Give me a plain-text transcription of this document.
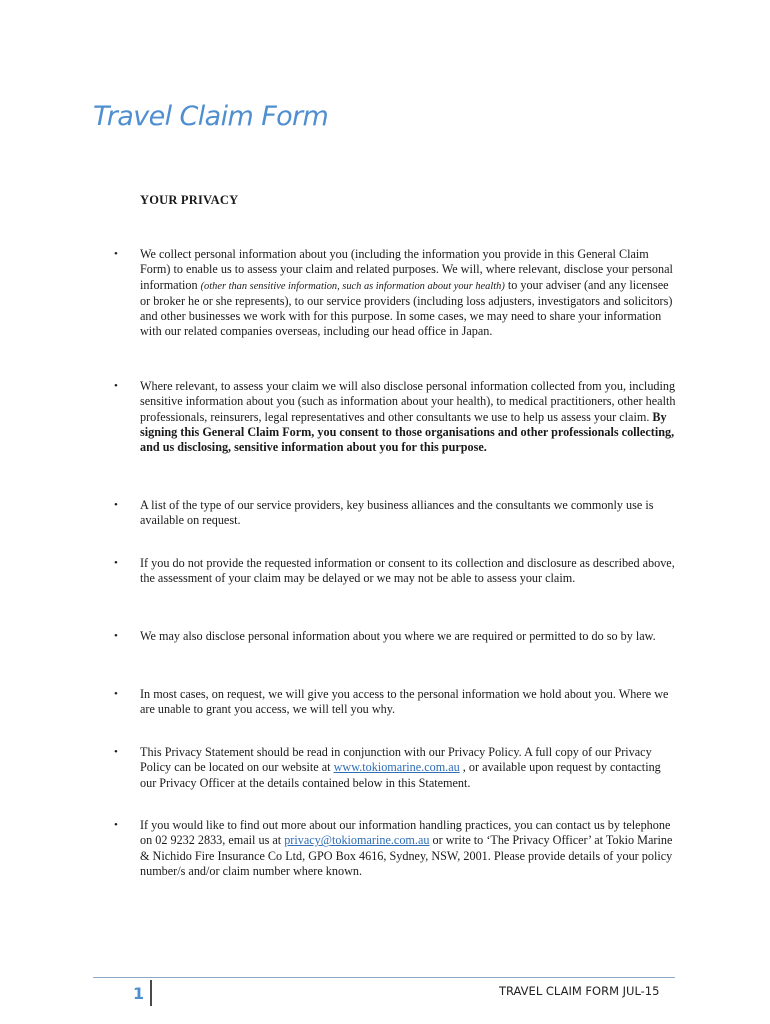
Travel Claim Form
YOUR PRIVACY
• We collect personal information about you (including the information you provide in this General Claim Form) to enable us to assess your claim and related purposes. We will, where relevant, disclose your personal information (other than sensitive information, such as information about your health) to your adviser (and any licensee or broker he or she represents), to our service providers (including loss adjusters, investigators and solicitors) and other businesses we work with for this purpose. In some cases, we may need to share your information with our related companies overseas, including our head office in Japan.
• Where relevant, to assess your claim we will also disclose personal information collected from you, including sensitive information about you (such as information about your health), to medical practitioners, other health professionals, reinsurers, legal representatives and other consultants we use to help us assess your claim. By signing this General Claim Form, you consent to those organisations and other professionals collecting, and us disclosing, sensitive information about you for this purpose.
• A list of the type of our service providers, key business alliances and the consultants we commonly use is available on request.
• If you do not provide the requested information or consent to its collection and disclosure as described above, the assessment of your claim may be delayed or we may not be able to assess your claim.
• We may also disclose personal information about you where we are required or permitted to do so by law.
• In most cases, on request, we will give you access to the personal information we hold about you. Where we are unable to grant you access, we will tell you why.
• This Privacy Statement should be read in conjunction with our Privacy Policy. A full copy of our Privacy Policy can be located on our website at www.tokiomarine.com.au , or available upon request by contacting our Privacy Officer at the details contained below in this Statement.
• If you would like to find out more about our information handling practices, you can contact us by telephone on 02 9232 2833, email us at privacy@tokiomarine.com.au or write to ‘The Privacy Officer’ at Tokio Marine & Nichido Fire Insurance Co Ltd, GPO Box 4616, Sydney, NSW, 2001. Please provide details of your policy number/s and/or claim number where known.
1	TRAVEL CLAIM FORM JUL-15
